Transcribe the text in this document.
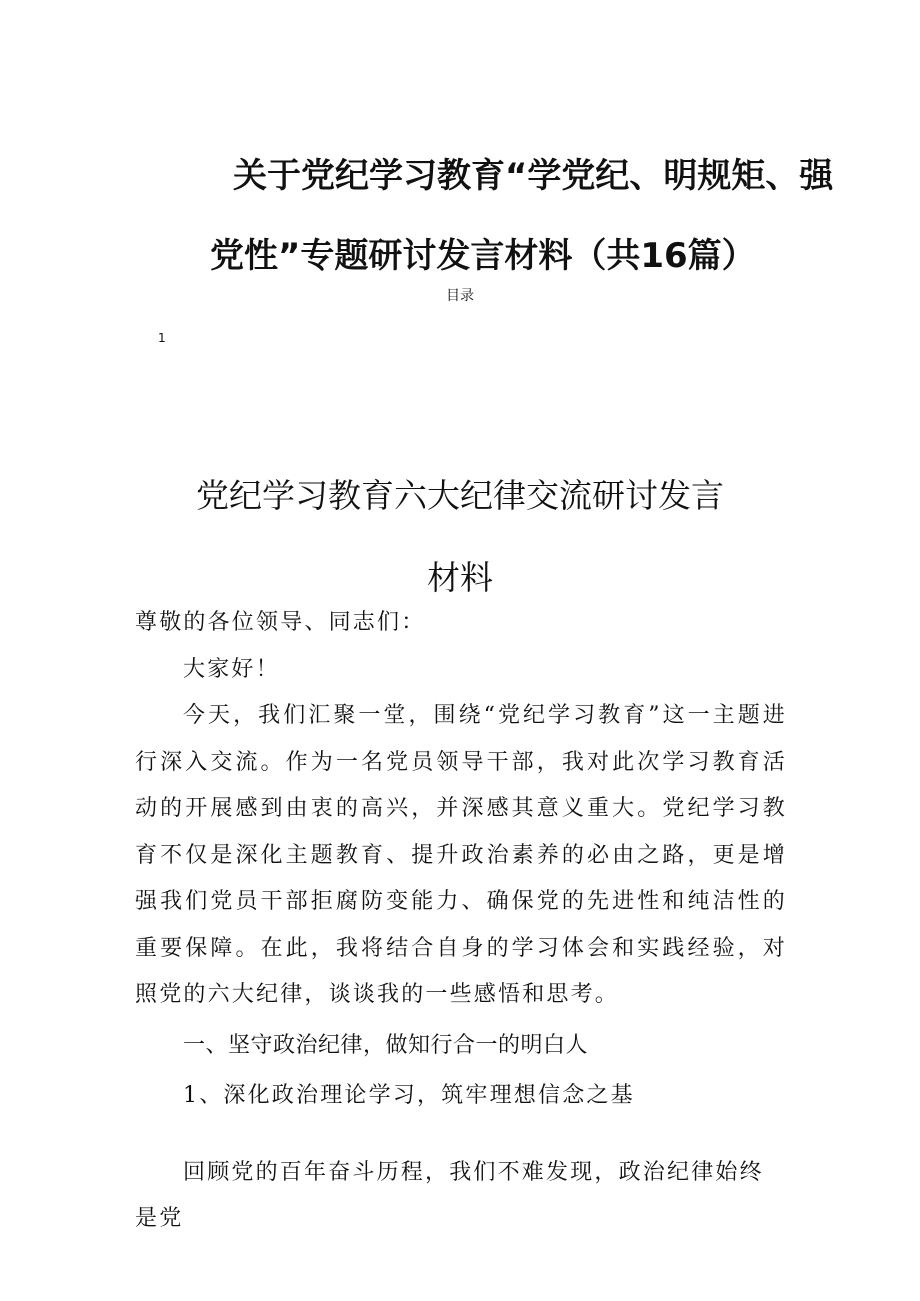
关于党纪学习教育“学党纪、明规矩、强
党性”专题研讨发言材料（共16篇）

目录

1

党纪学习教育六大纪律交流研讨发言
材料

尊敬的各位领导、同志们：

大家好！

今天，我们汇聚一堂，围绕“党纪学习教育”这一主题进行深入交流。作为一名党员领导干部，我对此次学习教育活动的开展感到由衷的高兴，并深感其意义重大。党纪学习教育不仅是深化主题教育、提升政治素养的必由之路，更是增强我们党员干部拒腐防变能力、确保党的先进性和纯洁性的重要保障。在此，我将结合自身的学习体会和实践经验，对照党的六大纪律，谈谈我的一些感悟和思考。

一、坚守政治纪律，做知行合一的明白人

1、深化政治理论学习，筑牢理想信念之基

回顾党的百年奋斗历程，我们不难发现，政治纪律始终是党
